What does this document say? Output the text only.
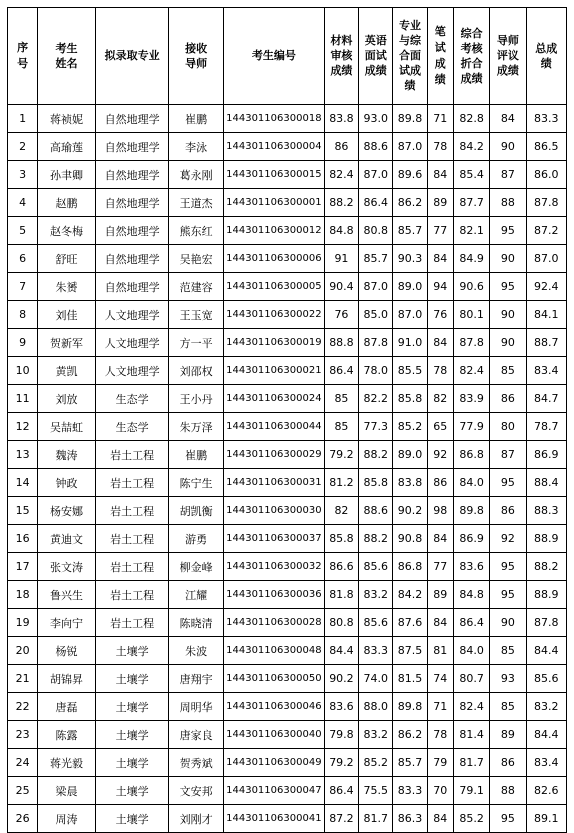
序号	考生姓名	拟录取专业	接收导师	考生编号	材料审核成绩	英语面试成绩	专业与综合面试成绩	笔试成绩	综合考核折合成绩	导师评议成绩	总成绩
1	蒋祯妮	自然地理学	崔鹏	144301106300018	83.8	93.0	89.8	71	82.8	84	83.3
2	高瑜莲	自然地理学	李泳	144301106300004	86	88.6	87.0	78	84.2	90	86.5
3	孙聿卿	自然地理学	葛永刚	144301106300015	82.4	87.0	89.6	84	85.4	87	86.0
4	赵鹏	自然地理学	王道杰	144301106300001	88.2	86.4	86.2	89	87.7	88	87.8
5	赵冬梅	自然地理学	熊东红	144301106300012	84.8	80.8	85.7	77	82.1	95	87.2
6	舒旺	自然地理学	吴艳宏	144301106300006	91	85.7	90.3	84	84.9	90	87.0
7	朱赟	自然地理学	范建容	144301106300005	90.4	87.0	89.0	94	90.6	95	92.4
8	刘佳	人文地理学	王玉宽	144301106300022	76	85.0	87.0	76	80.1	90	84.1
9	贺新军	人文地理学	方一平	144301106300019	88.8	87.8	91.0	84	87.8	90	88.7
10	黄凯	人文地理学	刘邵权	144301106300021	86.4	78.0	85.5	78	82.4	85	83.4
11	刘放	生态学	王小丹	144301106300024	85	82.2	85.8	82	83.9	86	84.7
12	吴喆虹	生态学	朱万泽	144301106300044	85	77.3	85.2	65	77.9	80	78.7
13	魏涛	岩土工程	崔鹏	144301106300029	79.2	88.2	89.0	92	86.8	87	86.9
14	钟政	岩土工程	陈宁生	144301106300031	81.2	85.8	83.8	86	84.0	95	88.4
15	杨安娜	岩土工程	胡凯衡	144301106300030	82	88.6	90.2	98	89.8	86	88.3
16	黄迪文	岩土工程	游勇	144301106300037	85.8	88.2	90.8	84	86.9	92	88.9
17	张文涛	岩土工程	柳金峰	144301106300032	86.6	85.6	86.8	77	83.6	95	88.2
18	鲁兴生	岩土工程	江耀	144301106300036	81.8	83.2	84.2	89	84.8	95	88.9
19	李向宁	岩土工程	陈晓清	144301106300028	80.8	85.6	87.6	84	86.4	90	87.8
20	杨锐	土壤学	朱波	144301106300048	84.4	83.3	87.5	81	84.0	85	84.4
21	胡锦昇	土壤学	唐翔宇	144301106300050	90.2	74.0	81.5	74	80.7	93	85.6
22	唐磊	土壤学	周明华	144301106300046	83.6	88.0	89.8	71	82.4	85	83.2
23	陈露	土壤学	唐家良	144301106300040	79.8	83.2	86.2	78	81.4	89	84.4
24	蒋光毅	土壤学	贺秀斌	144301106300049	79.2	85.2	85.7	79	81.7	86	83.4
25	梁晨	土壤学	文安邦	144301106300047	86.4	75.5	83.3	70	79.1	88	82.6
26	周涛	土壤学	刘刚才	144301106300041	87.2	81.7	86.3	84	85.2	95	89.1
